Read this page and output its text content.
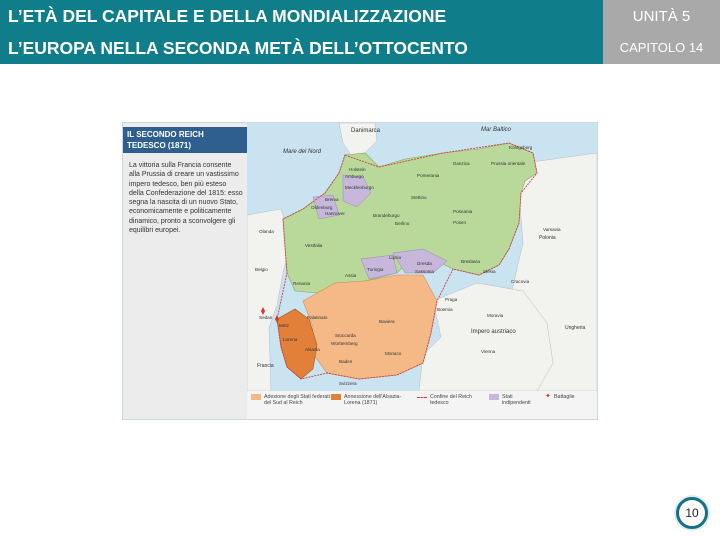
L’ETÀ DEL CAPITALE E DELLA MONDIALIZZAZIONE
L’EUROPA NELLA SECONDA METÀ DELL’OTTOCENTO
UNITÀ 5
CAPITOLO 14
IL SECONDO REICH
TEDESCO (1871)
La vittoria sulla Francia consente alla Prussia di creare un vastissimo impero tedesco, ben più esteso della Confederazione del 1815: esso segna la nascita di un nuovo Stato, economicamente e politicamente dinamico, pronto a sconvolgere gli equilibri europei.
Danimarca	Mar Baltico
Mare del Nord
Holstein
Königsberg
Prussia orientale
Danzica
Pomerania
Mecklenburgo
Stettino
Amburgo
Brema
Oldenburg
Hannover	Brandeburgo
Berlino
Posnania
Posen
Olanda
Vestfalia
Varsavia
Polonia
Lipsia
Dresda
Sassonia
Turingia
Breslavia
Slesia
Belgio
Renania
Assia
Praga
Boemia
Palatinato
Cracovia
Baviera
Moravia
Impero austriaco
Ungheria
Sedan
Metz
Lorena
Alsazia
Stoccarda
Württemberg
Monaco	Vienna
Francia
Baden
Svizzera
Adesione degli Stati federati del Sud al Reich
Annessione dell'Alsazia-Lorena (1871)
Confine del Reich tedesco
Stati indipendenti
✦ Battaglie
10
